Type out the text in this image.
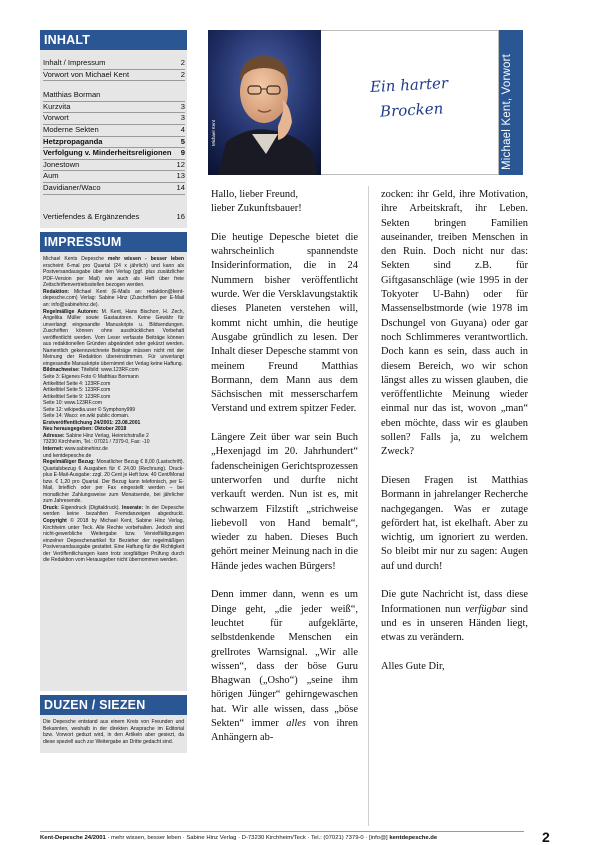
INHALT
Inhalt / Impressum	2
Vorwort von Michael Kent	2
Matthias Borman
Kurzvita	3
Vorwort	3
Moderne Sekten	4
Hetzpropaganda	5
Verfolgung v. Minderheitsreligionen 9
Jonestown	12
Aum	13
Davidianer/Waco	14
Vertiefendes & Ergänzendes	16
IMPRESSUM

Michael Kents Depesche mehr wissen - besser leben erscheint 6-mal pro Quartal (24 x jährlich) und kann als Postversandausgabe über den Verlag (ggf. plus zusätzlicher PDF-Version per Mail) wie auch als Heft über freie Zeitschriftenvertriebsstellen bezogen werden.

Redaktion: Michael Kent (E-Mails an: redaktion@kent-depesche.com) Verlag: Sabine Hinz (Zuschriften per E-Mail an: info@sabinehinz.de).

Regelmäßige Autoren: M. Kent, Hans Bischorr, H. Zech, Angelika Müller sowie Gastautoren. Keine Gewähr für unverlangt eingesandte Manuskripte u. Bildsendungen. Zuschriften können ohne ausdrücklichen Vorbehalt veröffentlicht werden. Vom Leser verfasste Beiträge können aus redaktionellen Gründen abgeändert oder gekürzt werden. Namentlich gekennzeichnete Beiträge müssen nicht mit der Meinung der Redaktion übereinstimmen. Für unverlangt eingesandte Manuskripte übernimmt der Verlag keine Haftung.

Bildnachweise: Titelbild: www.123RF.com

Seite 3: Eigenes Foto © Matthias Bormann

Artikeltitel Seite 4: 123RF.com

Artikeltitel Seite 5: 123RF.com

Artikeltitel Seite 9: 123RF.com

Seite 10: www.123RF.com

Seite 12: wikipedia.user © Symphony999

Seite 14: Waco: en.wiki public domain.

Erstveröffentlichung 24/2001: 23.08.2001

Neu herausgegeben: Oktober 2018

Adresse: Sabine Hinz Verlag, Heinrichstraße 2

73230 Kirchheim, Tel.: 07021 / 7379-0, Fax: -10

Internet: www.sabinehinz.de

und kentdepesche.de

Regelmäßiger Bezug: Monatlicher Bezug € 8,00 (Lastschrift). Quartalsbezug 6 Ausgaben für € 24,00 (Rechnung). Druck- plus E-Mail-Ausgabe: zzgl. 20 Cent je Heft bzw. 40 Cent/Monat bzw. € 1,20 pro Quartal. Der Bezug kann telefonisch, per E-Mail, brieflich oder per Fax eingestellt werden – bei monatlicher Zahlungsweise zum Monatsende, bei jährlicher zum Jahresende.

Druck: Eigendruck (Digitaldruck). Inserate: In der Depesche werden keine bezahlten Fremdanzeigen abgedruckt. Copyright © 2018 by Michael Kent, Sabine Hinz Verlag, Kirchheim unter Teck. Alle Rechte vorbehalten. Jedoch sind nicht-gewerbliche Weitergabe bzw. Vervielfältigungen einzelner Depeschenartikel für Bezieher der regelmäßigen Postversandausgabe gestattet. Eine Haftung für die Richtigkeit der Veröffentlichungen kann trotz sorgfältiger Prüfung durch die Redaktion vom Herausgeber nicht übernommen werden.

DUZEN / SIEZEN

Die Depesche entstand aus einem Kreis von Freunden und Bekannten, weshalb in der direkten Ansprache im Editorial bzw. Vorwort geduzt wird, in den Artikeln aber gesiezt, da diese speziell auch zur Weitergabe an Dritte gedacht sind.

Michael Kent
Ein harter
Brocken	Michael Kent, Vorwort

Hallo, lieber Freund,
lieber Zukunftsbauer!

Die heutige Depesche bietet die wahrscheinlich spannendste Insiderinformation, die in 24 Nummern bisher veröffentlicht wurde. Wer die Versklavungstaktik dieses Planeten verstehen will, kommt nicht umhin, die heutige Ausgabe gründlich zu lesen. Der Inhalt dieser Depesche stammt von meinem Freund Matthias Bormann, dem Mann aus dem Sächsischen mit messerscharfem Verstand und extrem spitzer Feder.

Längere Zeit über war sein Buch „Hexenjagd im 20. Jahrhundert“ fadenscheinigen Gerichtsprozessen unterworfen und durfte nicht verkauft werden. Nun ist es, mit schwarzem Filzstift „strichweise liebevoll von Hand bemalt“, wieder zu haben. Dieses Buch gehört meiner Meinung nach in die Hände jedes wachen Bürgers!

Denn immer dann, wenn es um Dinge geht, „die jeder weiß“, leuchtet für aufgeklärte, selbstdenkende Menschen ein grellrotes Warnsignal. „Wir alle wissen“, dass der böse Guru Bhagwan („Osho“) „seine ihm hörigen Jünger“ gehirngewaschen hat. Wir alle wissen, dass „böse Sekten“ immer alles von ihren Anhängern ab-

zocken: ihr Geld, ihre Motivation, ihre Arbeitskraft, ihr Leben. Sekten bringen Familien auseinander, treiben Menschen in den Ruin. Doch nicht nur das: Sekten sind z.B. für Giftgasanschläge (wie 1995 in der Tokyoter U-Bahn) oder für Massenselbstmorde (wie 1978 im Dschungel von Guyana) oder gar noch Schlimmeres verantwortlich. Doch kann es sein, dass auch in diesem Bereich, wo wir schon längst alles zu wissen glauben, die veröffentlichte Meinung wieder einmal nur das ist, wovon „man“ eben möchte, dass wir es glauben sollen? Falls ja, zu welchem Zweck?

Diesen Fragen ist Matthias Bormann in jahrelanger Recherche nachgegangen. Was er zutage gefördert hat, ist ekelhaft. Aber zu wichtig, um ignoriert zu werden. So bleibt mir nur zu sagen: Augen auf und durch!

Die gute Nachricht ist, dass diese Informationen nun verfügbar sind und es in unseren Händen liegt, etwas zu verändern.

Alles Gute Dir,

Kent-Depesche 24/2001 · mehr wissen, besser leben · Sabine Hinz Verlag · D-73230 Kirchheim/Teck · Tel.: (07021) 7379-0 · [info@] kentdepesche.de	2
